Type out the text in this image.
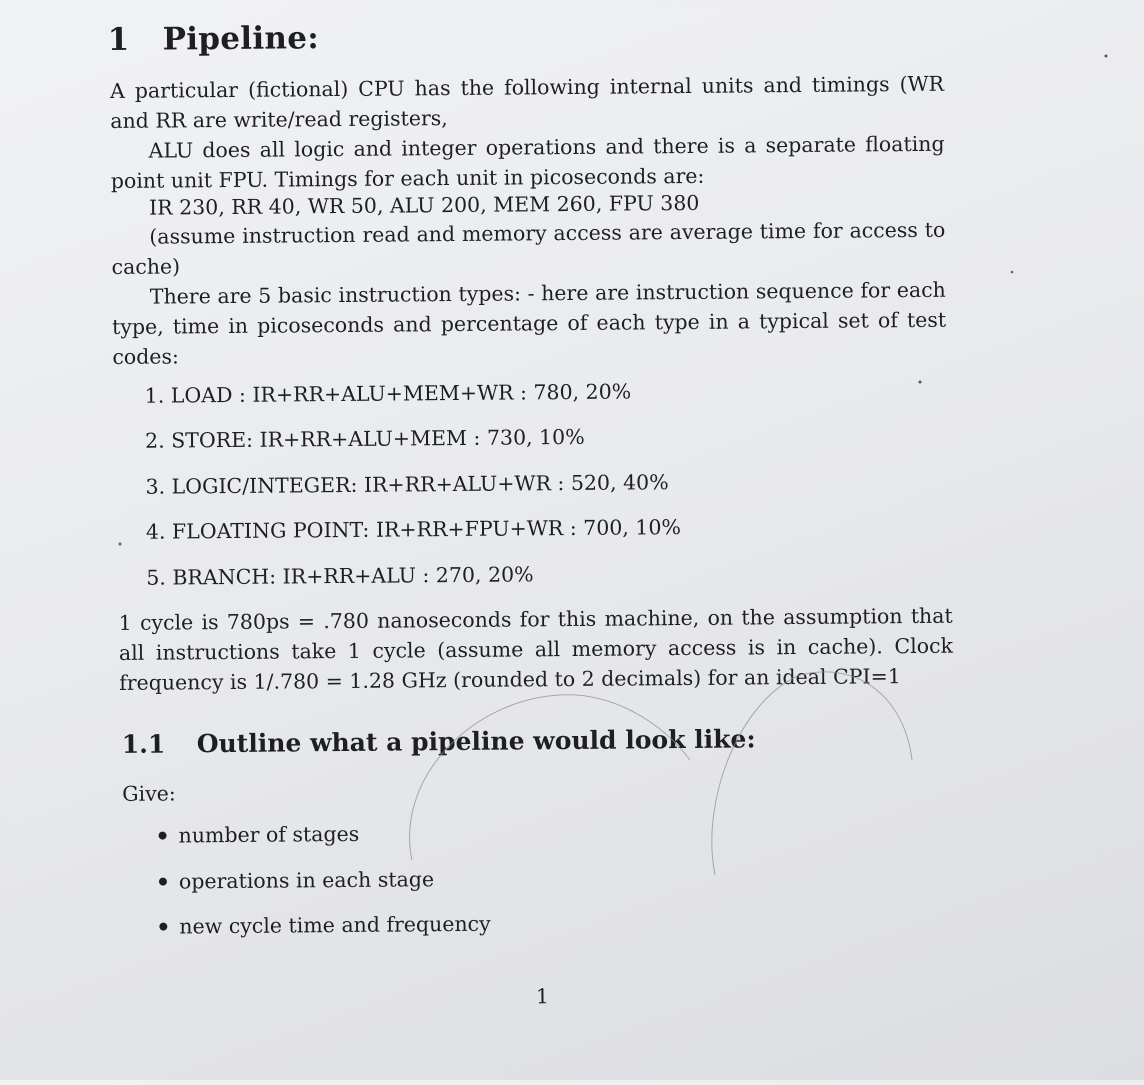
1 Pipeline:
A particular (fictional) CPU has the following internal units and timings (WR and RR are write/read registers,
ALU does all logic and integer operations and there is a separate floating point unit FPU. Timings for each unit in picoseconds are:
IR 230, RR 40, WR 50, ALU 200, MEM 260, FPU 380
(assume instruction read and memory access are average time for access to cache)
There are 5 basic instruction types: - here are instruction sequence for each type, time in picoseconds and percentage of each type in a typical set of test codes:
1. LOAD : IR+RR+ALU+MEM+WR : 780, 20%
2. STORE: IR+RR+ALU+MEM : 730, 10%
3. LOGIC/INTEGER: IR+RR+ALU+WR : 520, 40%
4. FLOATING POINT: IR+RR+FPU+WR : 700, 10%
5. BRANCH: IR+RR+ALU : 270, 20%
1 cycle is 780ps = .780 nanoseconds for this machine, on the assumption that all instructions take 1 cycle (assume all memory access is in cache). Clock frequency is 1/.780 = 1.28 GHz (rounded to 2 decimals) for an ideal CPI=1
1.1 Outline what a pipeline would look like:
Give:
number of stages
operations in each stage
new cycle time and frequency
1
